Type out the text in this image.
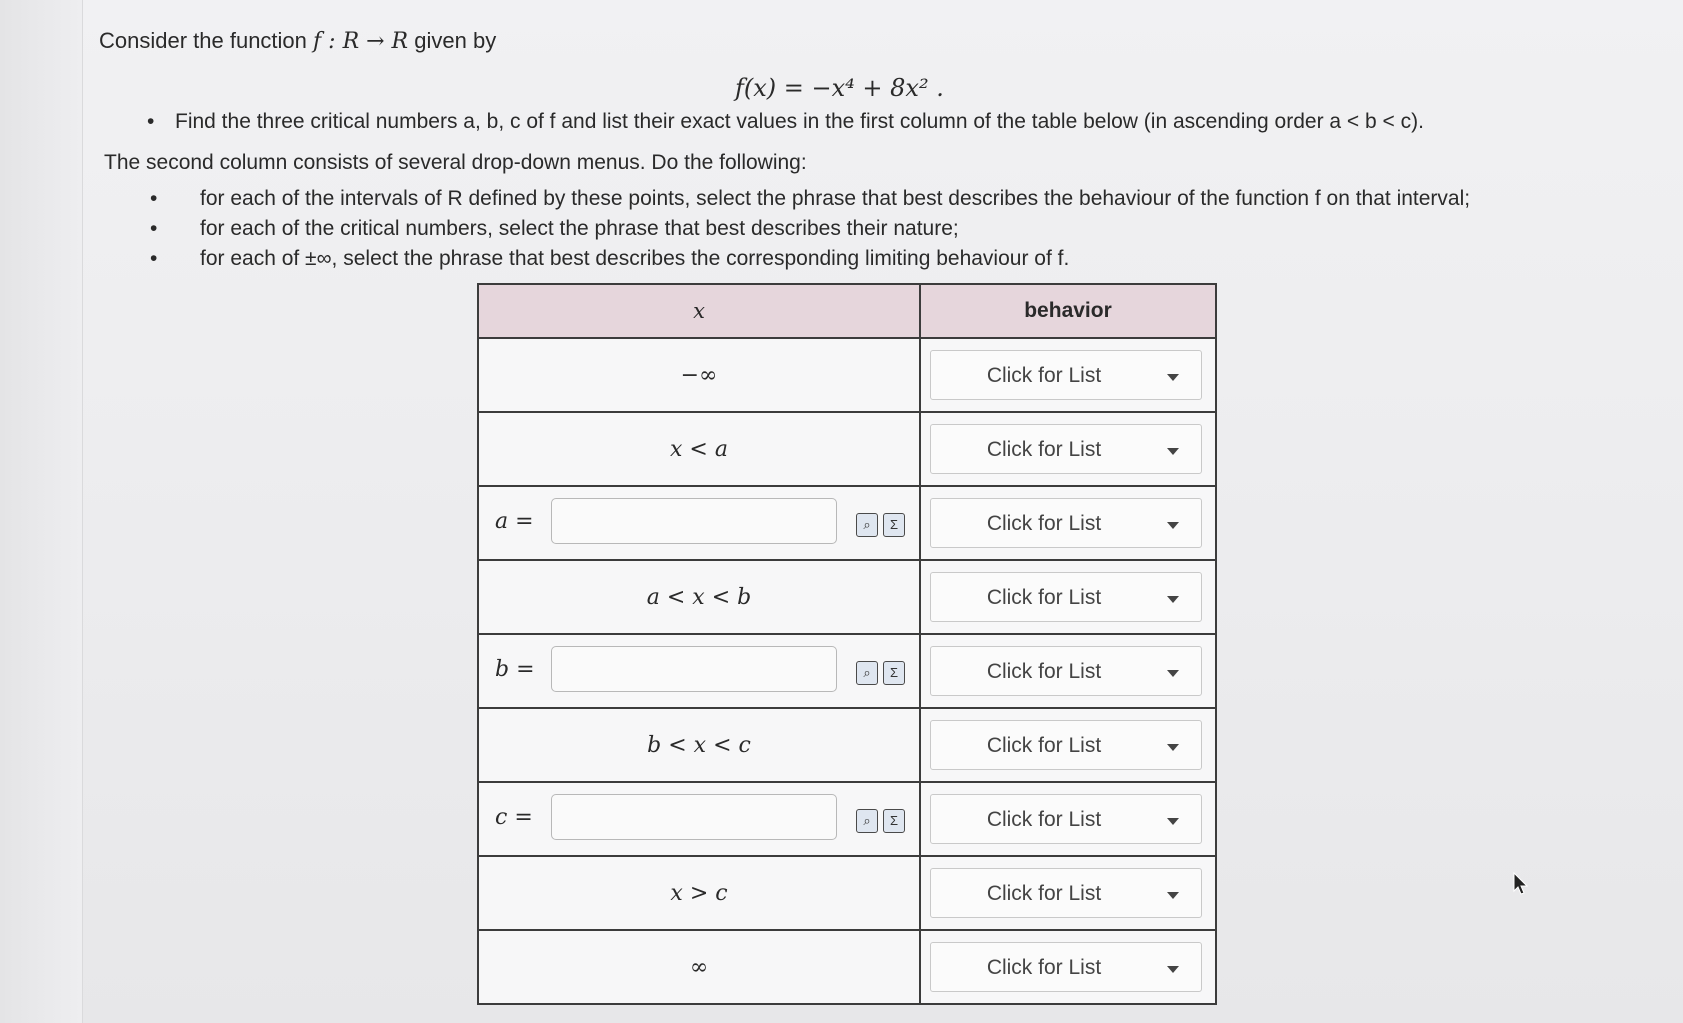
Consider the function f : R → R given by
f(x) = −x⁴ + 8x² .
• Find the three critical numbers a, b, c of f and list their exact values in the first column of the table below (in ascending order a < b < c).
The second column consists of several drop-down menus. Do the following:
• for each of the intervals of R defined by these points, select the phrase that best describes the behaviour of the function f on that interval;
• for each of the critical numbers, select the phrase that best describes their nature;
• for each of ±∞, select the phrase that best describes the corresponding limiting behaviour of f.
x	behavior
−∞	Click for List

x < a	Click for List

a = ⌕ Σ	Click for List

a < x < b	Click for List

b = ⌕ Σ	Click for List

b < x < c	Click for List

c = ⌕ Σ	Click for List

x > c	Click for List

∞	Click for List
